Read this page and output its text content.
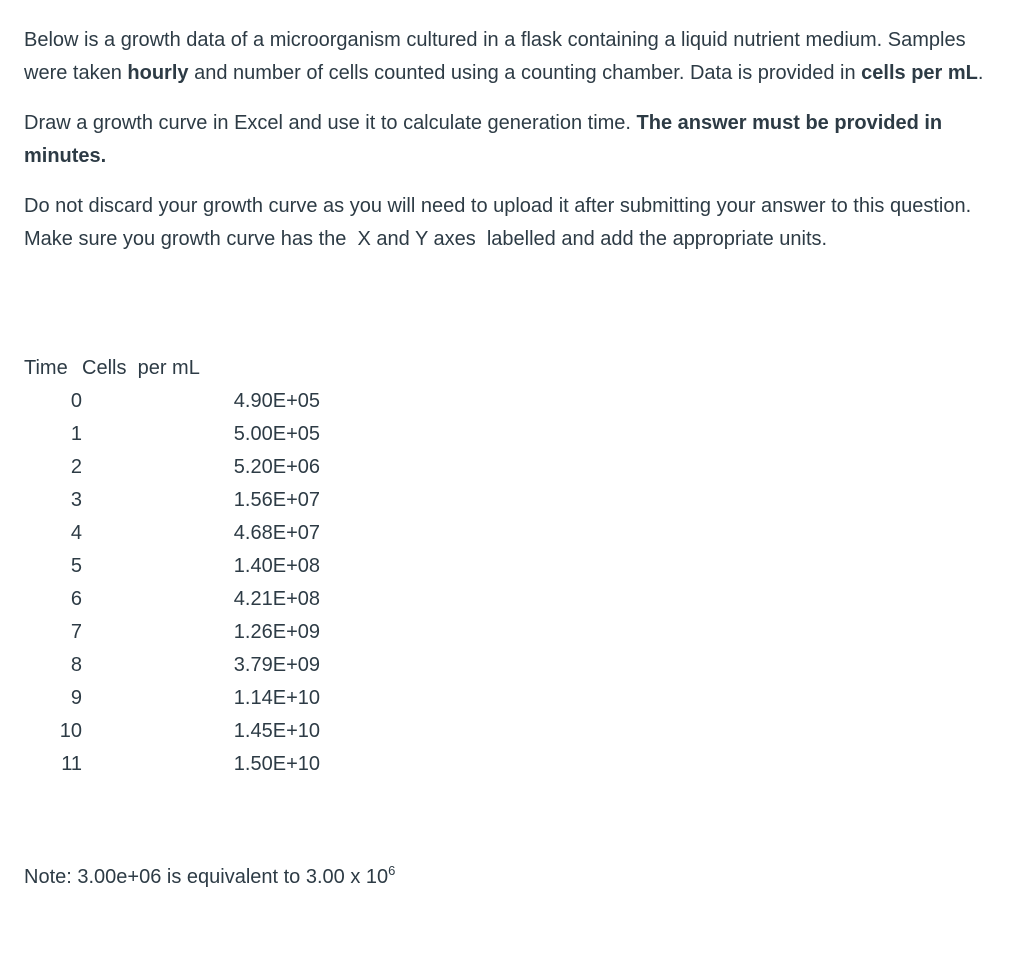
Below is a growth data of a microorganism cultured in a flask containing a liquid nutrient medium. Samples were taken hourly and number of cells counted using a counting chamber. Data is provided in cells per mL.

Draw a growth curve in Excel and use it to calculate generation time. The answer must be provided in minutes.

Do not discard your growth curve as you will need to upload it after submitting your answer to this question. Make sure you growth curve has the  X and Y axes  labelled and add the appropriate units.

Time Cells  per mL
0	4.90E+05
1	5.00E+05
2	5.20E+06
3	1.56E+07
4	4.68E+07
5	1.40E+08
6	4.21E+08
7	1.26E+09
8	3.79E+09
9	1.14E+10
10	1.45E+10
11	1.50E+10
Note: 3.00e+06 is equivalent to 3.00 x $10^6$
